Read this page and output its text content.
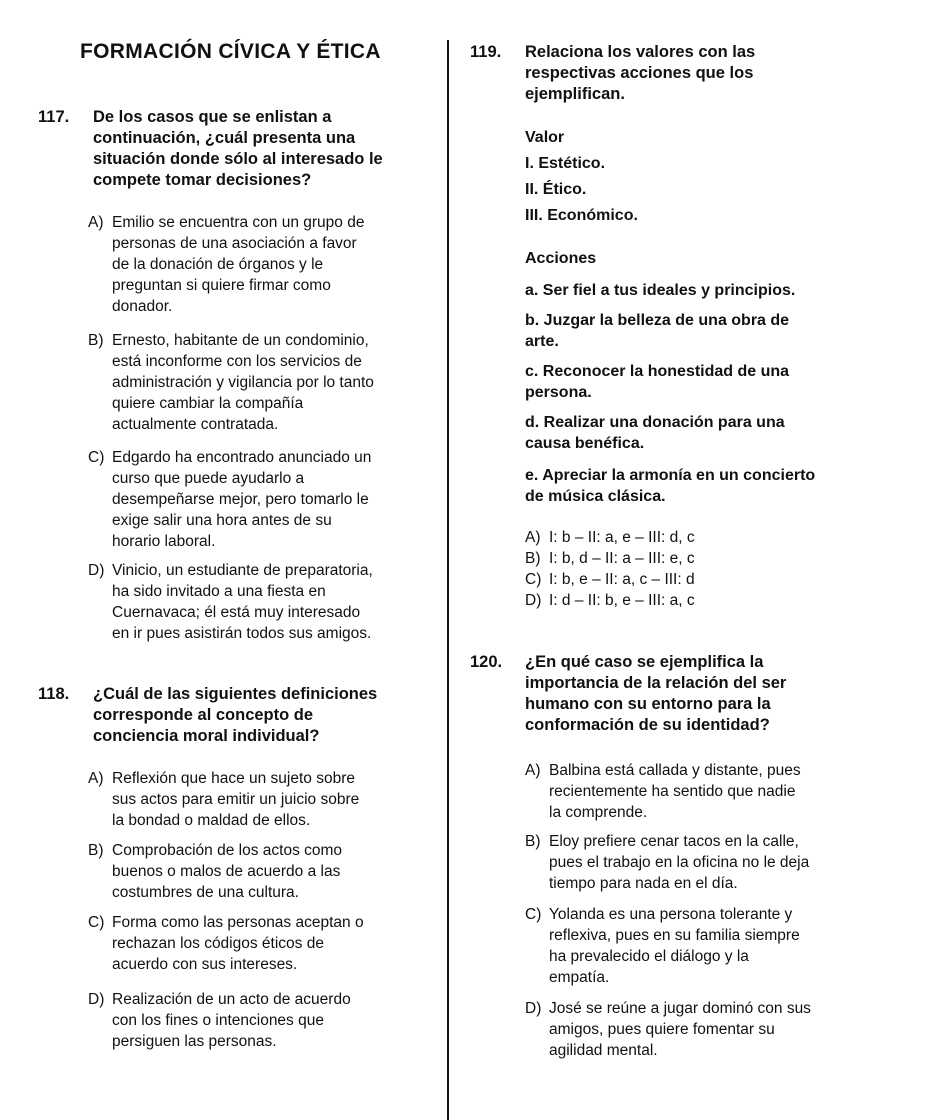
FORMACIÓN CÍVICA Y ÉTICA
117. De los casos que se enlistan a
continuación, ¿cuál presenta una
situación donde sólo al interesado le
compete tomar decisiones?
A) Emilio se encuentra con un grupo de
personas de una asociación a favor
de la donación de órganos y le
preguntan si quiere firmar como
donador.
B) Ernesto, habitante de un condominio,
está inconforme con los servicios de
administración y vigilancia por lo tanto
quiere cambiar la compañía
actualmente contratada.
C) Edgardo ha encontrado anunciado un
curso que puede ayudarlo a
desempeñarse mejor, pero tomarlo le
exige salir una hora antes de su
horario laboral.
D) Vinicio, un estudiante de preparatoria,
ha sido invitado a una fiesta en
Cuernavaca; él está muy interesado
en ir pues asistirán todos sus amigos.
118. ¿Cuál de las siguientes definiciones
corresponde al concepto de
conciencia moral individual?
A) Reflexión que hace un sujeto sobre
sus actos para emitir un juicio sobre
la bondad o maldad de ellos.
B) Comprobación de los actos como
buenos o malos de acuerdo a las
costumbres de una cultura.
C) Forma como las personas aceptan o
rechazan los códigos éticos de
acuerdo con sus intereses.
D) Realización de un acto de acuerdo
con los fines o intenciones que
persiguen las personas.
119. Relaciona los valores con las
respectivas acciones que los
ejemplifican.
Valor
I. Estético.
II. Ético.
III. Económico.
Acciones
a. Ser fiel a tus ideales y principios.
b. Juzgar la belleza de una obra de
arte.
c. Reconocer la honestidad de una
persona.
d. Realizar una donación para una
causa benéfica.
e. Apreciar la armonía en un concierto
de música clásica.
A) I: b – II: a, e – III: d, c
B) I: b, d – II: a – III: e, c
C) I: b, e – II: a, c – III: d
D) I: d – II: b, e – III: a, c
120. ¿En qué caso se ejemplifica la
importancia de la relación del ser
humano con su entorno para la
conformación de su identidad?
A) Balbina está callada y distante, pues
recientemente ha sentido que nadie
la comprende.
B) Eloy prefiere cenar tacos en la calle,
pues el trabajo en la oficina no le deja
tiempo para nada en el día.
C) Yolanda es una persona tolerante y
reflexiva, pues en su familia siempre
ha prevalecido el diálogo y la
empatía.
D) José se reúne a jugar dominó con sus
amigos, pues quiere fomentar su
agilidad mental.
